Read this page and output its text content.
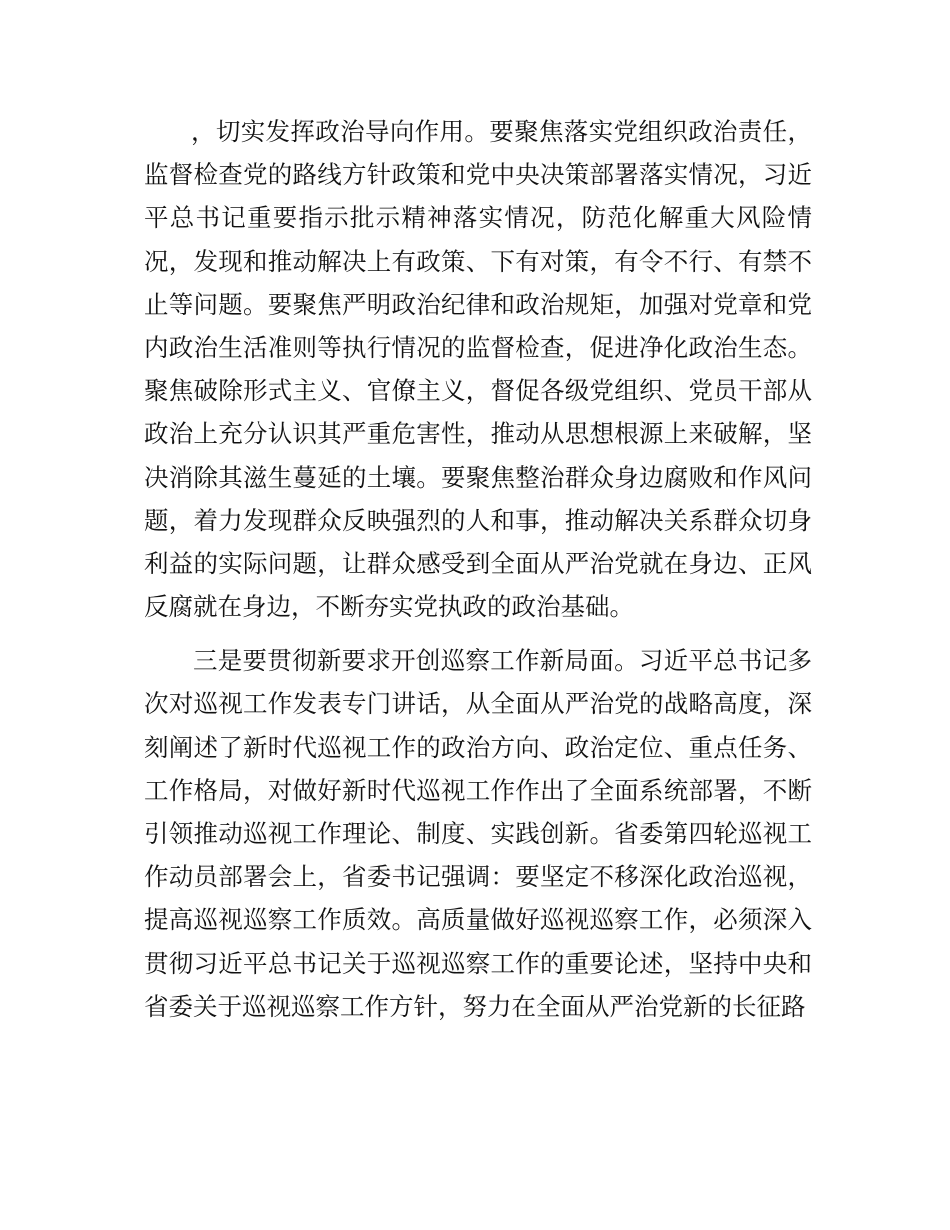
，切实发挥政治导向作用。要聚焦落实党组织政治责任，监督检查党的路线方针政策和党中央决策部署落实情况，习近平总书记重要指示批示精神落实情况，防范化解重大风险情况，发现和推动解决上有政策、下有对策，有令不行、有禁不止等问题。要聚焦严明政治纪律和政治规矩，加强对党章和党内政治生活准则等执行情况的监督检查，促进净化政治生态。聚焦破除形式主义、官僚主义，督促各级党组织、党员干部从政治上充分认识其严重危害性，推动从思想根源上来破解，坚决消除其滋生蔓延的土壤。要聚焦整治群众身边腐败和作风问题，着力发现群众反映强烈的人和事，推动解决关系群众切身利益的实际问题，让群众感受到全面从严治党就在身边、正风反腐就在身边，不断夯实党执政的政治基础。

三是要贯彻新要求开创巡察工作新局面。习近平总书记多次对巡视工作发表专门讲话，从全面从严治党的战略高度，深刻阐述了新时代巡视工作的政治方向、政治定位、重点任务、工作格局，对做好新时代巡视工作作出了全面系统部署，不断引领推动巡视工作理论、制度、实践创新。省委第四轮巡视工作动员部署会上，省委书记强调：要坚定不移深化政治巡视，提高巡视巡察工作质效。高质量做好巡视巡察工作，必须深入贯彻习近平总书记关于巡视巡察工作的重要论述，坚持中央和省委关于巡视巡察工作方针，努力在全面从严治党新的长征路
